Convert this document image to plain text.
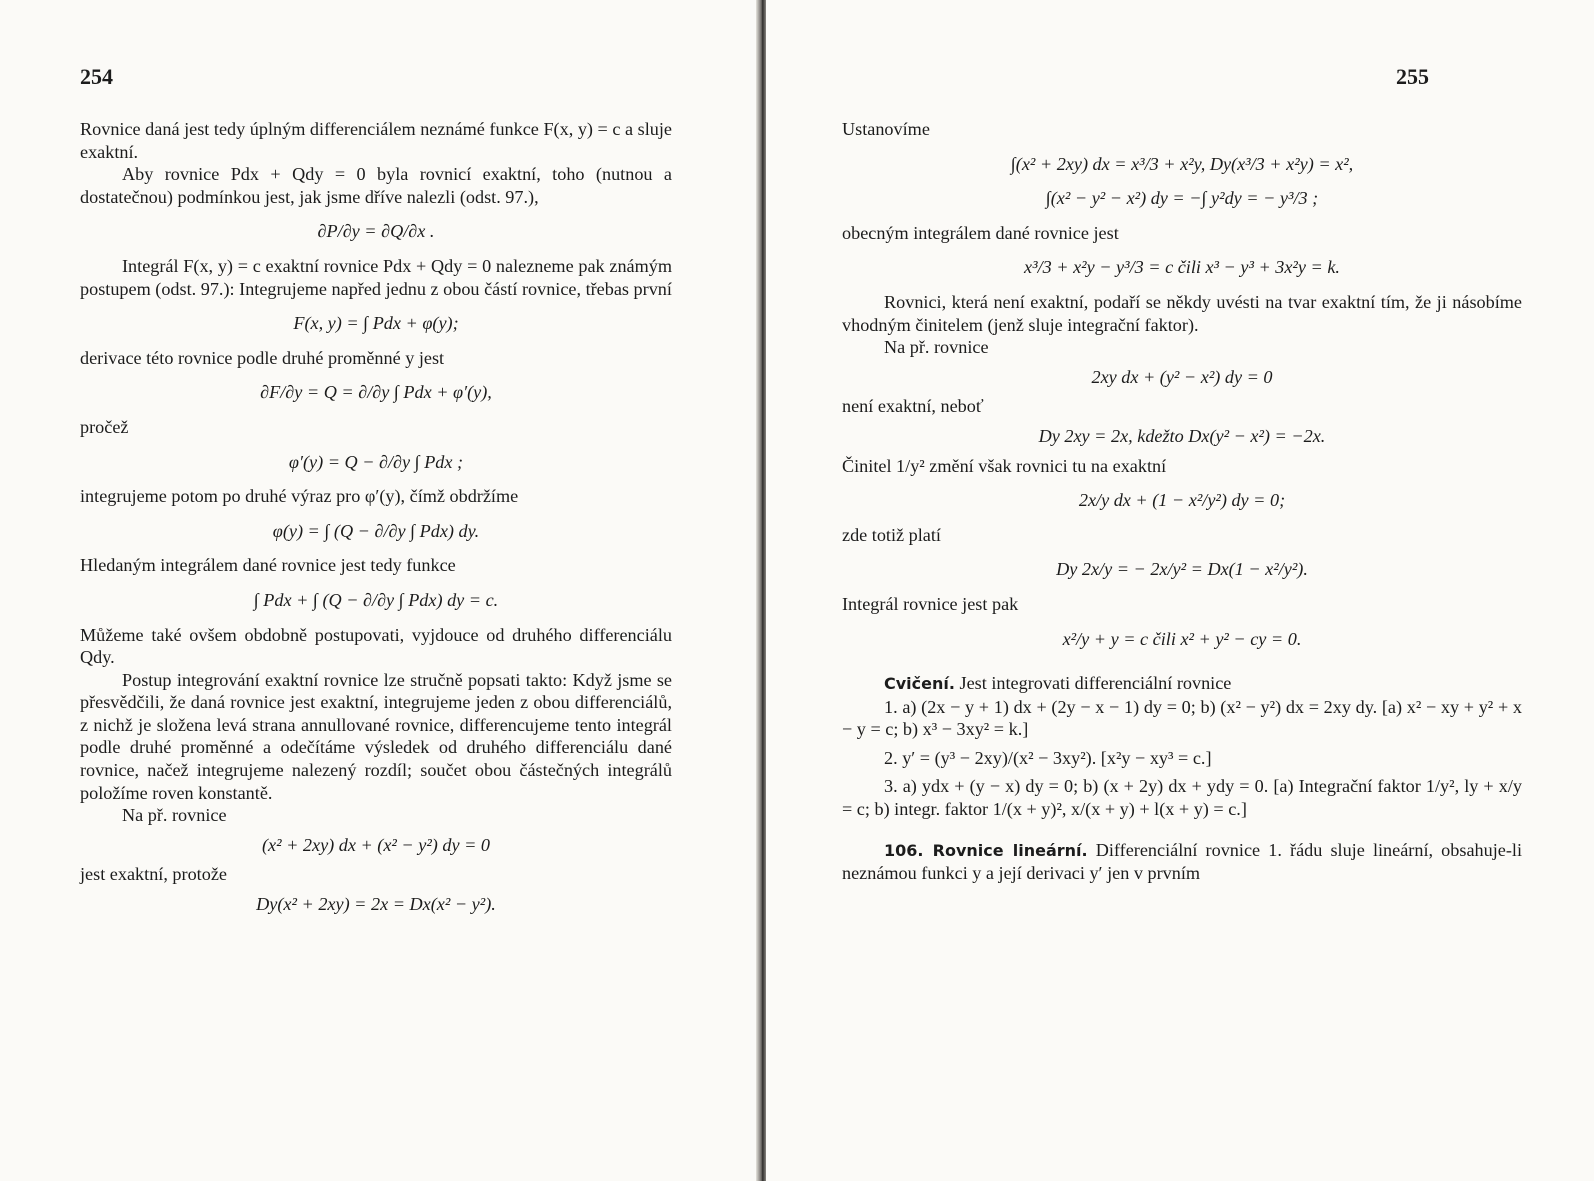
254

Rovnice daná jest tedy úplným differenciálem neznámé funkce F(x, y) = c a sluje exaktní.

Aby rovnice Pdx + Qdy = 0 byla rovnicí exaktní, toho (nutnou a dostatečnou) podmínkou jest, jak jsme dříve nalezli (odst. 97.),

∂P/∂y = ∂Q/∂x .

Integrál F(x, y) = c exaktní rovnice Pdx + Qdy = 0 nalezneme pak známým postupem (odst. 97.): Integrujeme napřed jednu z obou částí rovnice, třebas první

F(x, y) = ∫ Pdx + φ(y);

derivace této rovnice podle druhé proměnné y jest

∂F/∂y = Q = ∂/∂y ∫ Pdx + φ′(y),

pročež

φ′(y) = Q − ∂/∂y ∫ Pdx ;

integrujeme potom po druhé výraz pro φ′(y), čímž obdržíme

φ(y) = ∫ (Q − ∂/∂y ∫ Pdx) dy.

Hledaným integrálem dané rovnice jest tedy funkce

∫ Pdx + ∫ (Q − ∂/∂y ∫ Pdx) dy = c.

Můžeme také ovšem obdobně postupovati, vyjdouce od druhého differenciálu Qdy.

Postup integrování exaktní rovnice lze stručně popsati takto: Když jsme se přesvědčili, že daná rovnice jest exaktní, integrujeme jeden z obou differenciálů, z nichž je složena levá strana annullované rovnice, differencujeme tento integrál podle druhé proměnné a odečítáme výsledek od druhého differenciálu dané rovnice, načež integrujeme nalezený rozdíl; součet obou částečných integrálů položíme roven konstantě.

Na př. rovnice

(x² + 2xy) dx + (x² − y²) dy = 0

jest exaktní, protože

Dy(x² + 2xy) = 2x = Dx(x² − y²).
255

Ustanovíme

∫(x² + 2xy) dx = x³/3 + x²y, Dy(x³/3 + x²y) = x²,
∫(x² − y² − x²) dy = −∫ y²dy = − y³/3 ;

obecným integrálem dané rovnice jest

x³/3 + x²y − y³/3 = c čili x³ − y³ + 3x²y = k.

Rovnici, která není exaktní, podaří se někdy uvésti na tvar exaktní tím, že ji násobíme vhodným činitelem (jenž sluje integrační faktor).

Na př. rovnice

2xy dx + (y² − x²) dy = 0

není exaktní, neboť

Dy 2xy = 2x, kdežto Dx(y² − x²) = −2x.

Činitel 1/y² změní však rovnici tu na exaktní

2x/y dx + (1 − x²/y²) dy = 0;

zde totiž platí

Dy 2x/y = − 2x/y² = Dx(1 − x²/y²).

Integrál rovnice jest pak

x²/y + y = c čili x² + y² − cy = 0.

Cvičení. Jest integrovati differenciální rovnice

1. a) (2x − y + 1) dx + (2y − x − 1) dy = 0; b) (x² − y²) dx = 2xy dy. [a) x² − xy + y² + x − y = c; b) x³ − 3xy² = k.]

2. y′ = (y³ − 2xy)/(x² − 3xy²). [x²y − xy³ = c.]

3. a) ydx + (y − x) dy = 0; b) (x + 2y) dx + ydy = 0. [a) Integrační faktor 1/y², ly + x/y = c; b) integr. faktor 1/(x + y)², x/(x + y) + l(x + y) = c.]

106. Rovnice lineární. Differenciální rovnice 1. řádu sluje lineární, obsahuje-li neznámou funkci y a její derivaci y′ jen v prvním
